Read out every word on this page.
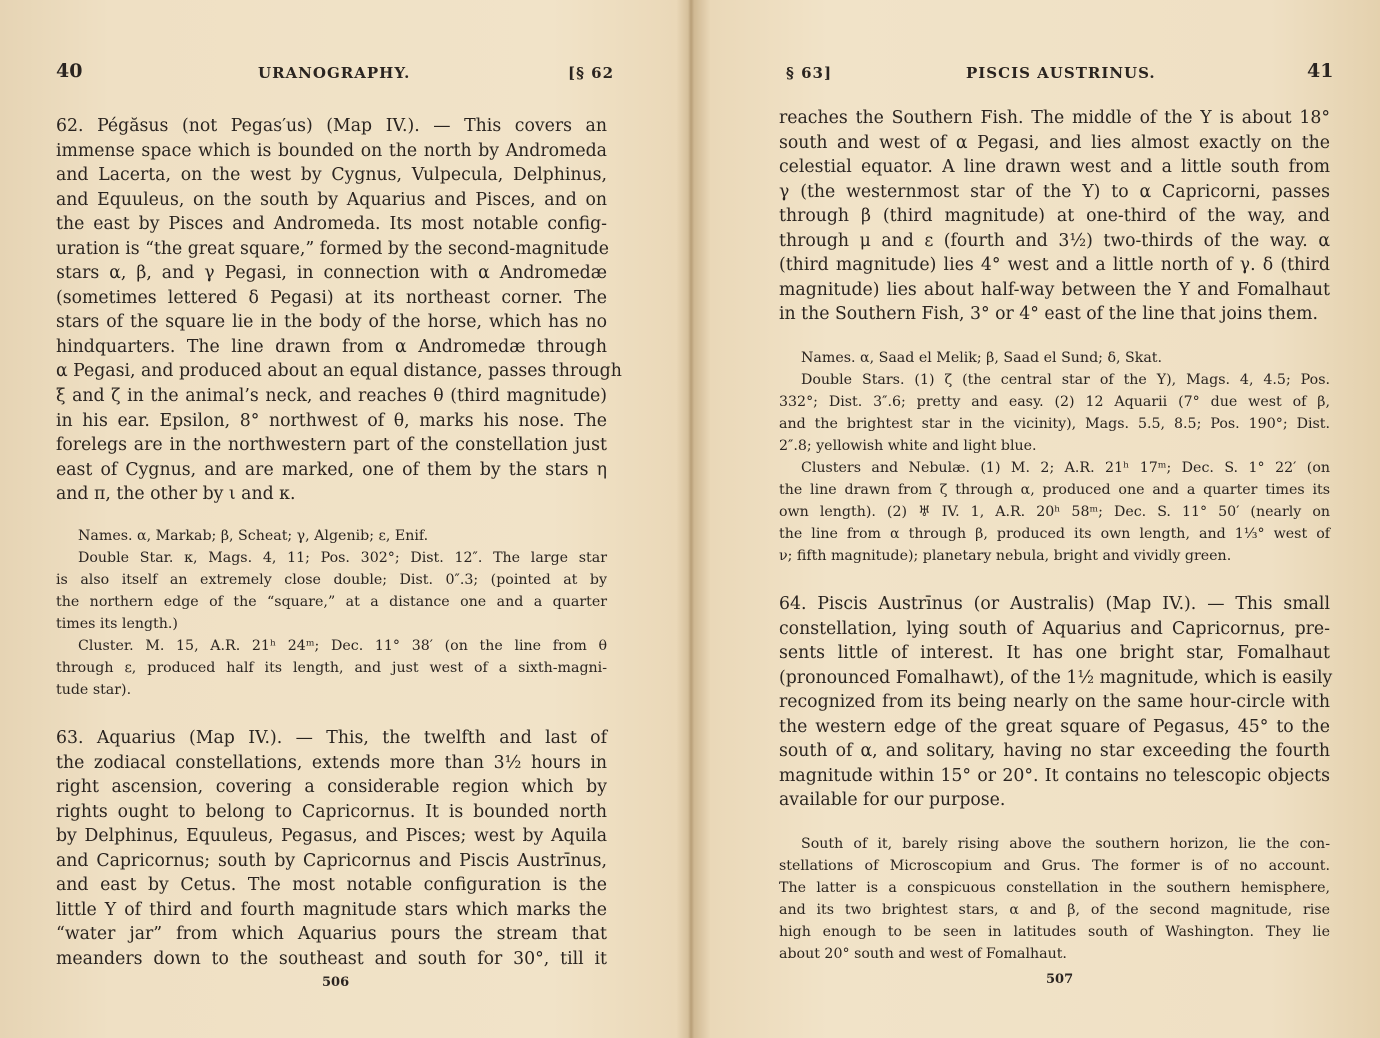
40	URANOGRAPHY.	[§ 62
62. Pégăsus (not Pegas′us) (Map IV.). — This covers an
immense space which is bounded on the north by Andromeda
and Lacerta, on the west by Cygnus, Vulpecula, Delphinus,
and Equuleus, on the south by Aquarius and Pisces, and on
the east by Pisces and Andromeda. Its most notable config-
uration is “the great square,” formed by the second-magnitude
stars α, β, and γ Pegasi, in connection with α Andromedæ
(sometimes lettered δ Pegasi) at its northeast corner. The
stars of the square lie in the body of the horse, which has no
hindquarters. The line drawn from α Andromedæ through
α Pegasi, and produced about an equal distance, passes through
ξ and ζ in the animal’s neck, and reaches θ (third magnitude)
in his ear. Epsilon, 8° northwest of θ, marks his nose. The
forelegs are in the northwestern part of the constellation just
east of Cygnus, and are marked, one of them by the stars η
and π, the other by ι and κ.
Names. α, Markab; β, Scheat; γ, Algenib; ε, Enif.
Double Star. κ, Mags. 4, 11; Pos. 302°; Dist. 12″. The large star
is also itself an extremely close double; Dist. 0″.3; (pointed at by
the northern edge of the “square,” at a distance one and a quarter
times its length.)
Cluster. M. 15, A.R. 21ʰ 24ᵐ; Dec. 11° 38′ (on the line from θ
through ε, produced half its length, and just west of a sixth-magni-
tude star).
63. Aquarius (Map IV.). — This, the twelfth and last of
the zodiacal constellations, extends more than 3½ hours in
right ascension, covering a considerable region which by
rights ought to belong to Capricornus. It is bounded north
by Delphinus, Equuleus, Pegasus, and Pisces; west by Aquila
and Capricornus; south by Capricornus and Piscis Austrīnus,
and east by Cetus. The most notable configuration is the
little Y of third and fourth magnitude stars which marks the
“water jar” from which Aquarius pours the stream that
meanders down to the southeast and south for 30°, till it
506
§ 63]	PISCIS AUSTRINUS.	41
reaches the Southern Fish. The middle of the Y is about 18°
south and west of α Pegasi, and lies almost exactly on the
celestial equator. A line drawn west and a little south from
γ (the westernmost star of the Y) to α Capricorni, passes
through β (third magnitude) at one-third of the way, and
through μ and ε (fourth and 3½) two-thirds of the way. α
(third magnitude) lies 4° west and a little north of γ. δ (third
magnitude) lies about half-way between the Y and Fomalhaut
in the Southern Fish, 3° or 4° east of the line that joins them.
Names. α, Saad el Melik; β, Saad el Sund; δ, Skat.
Double Stars. (1) ζ (the central star of the Y), Mags. 4, 4.5; Pos.
332°; Dist. 3″.6; pretty and easy. (2) 12 Aquarii (7° due west of β,
and the brightest star in the vicinity), Mags. 5.5, 8.5; Pos. 190°; Dist.
2″.8; yellowish white and light blue.
Clusters and Nebulæ. (1) M. 2; A.R. 21ʰ 17ᵐ; Dec. S. 1° 22′ (on
the line drawn from ζ through α, produced one and a quarter times its
own length). (2) ♅ IV. 1, A.R. 20ʰ 58ᵐ; Dec. S. 11° 50′ (nearly on
the line from α through β, produced its own length, and 1⅓° west of
ν; fifth magnitude); planetary nebula, bright and vividly green.
64. Piscis Austrīnus (or Australis) (Map IV.). — This small
constellation, lying south of Aquarius and Capricornus, pre-
sents little of interest. It has one bright star, Fomalhaut
(pronounced Fomalhawt), of the 1½ magnitude, which is easily
recognized from its being nearly on the same hour-circle with
the western edge of the great square of Pegasus, 45° to the
south of α, and solitary, having no star exceeding the fourth
magnitude within 15° or 20°. It contains no telescopic objects
available for our purpose.
South of it, barely rising above the southern horizon, lie the con-
stellations of Microscopium and Grus. The former is of no account.
The latter is a conspicuous constellation in the southern hemisphere,
and its two brightest stars, α and β, of the second magnitude, rise
high enough to be seen in latitudes south of Washington. They lie
about 20° south and west of Fomalhaut.
507
